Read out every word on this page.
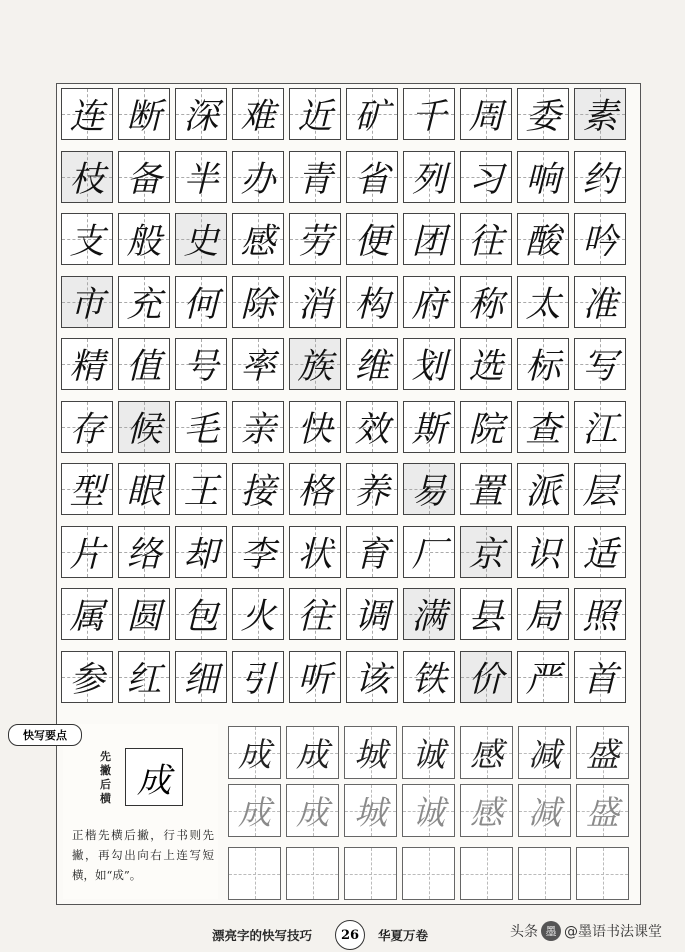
连 断 深 难 近 矿 千 周 委 素
枝 备 半 办 青 省 列 习 响 约
支 般 史 感 劳 便 团 往 酸 吟
市 充 何 除 消 构 府 称 太 准
精 值 号 率 族 维 划 选 标 写
存 候 毛 亲 快 效 斯 院 查 江
型 眼 王 接 格 养 易 置 派 层
片 络 却 李 状 育 厂 京 识 适
属 圆 包 火 往 调 满 县 局 照
参 红 细 引 听 该 铁 价 严 首
快写要点
先撇后横 成
正楷先横后撇，行书则先撇，再勾出向右上连写短横，如“成”。
成 成 城 诚 感 减 盛
成 成 城 诚 感 减 盛
漂亮字的快写技巧	26	华夏万卷	头条 墨 @墨语书法课堂
